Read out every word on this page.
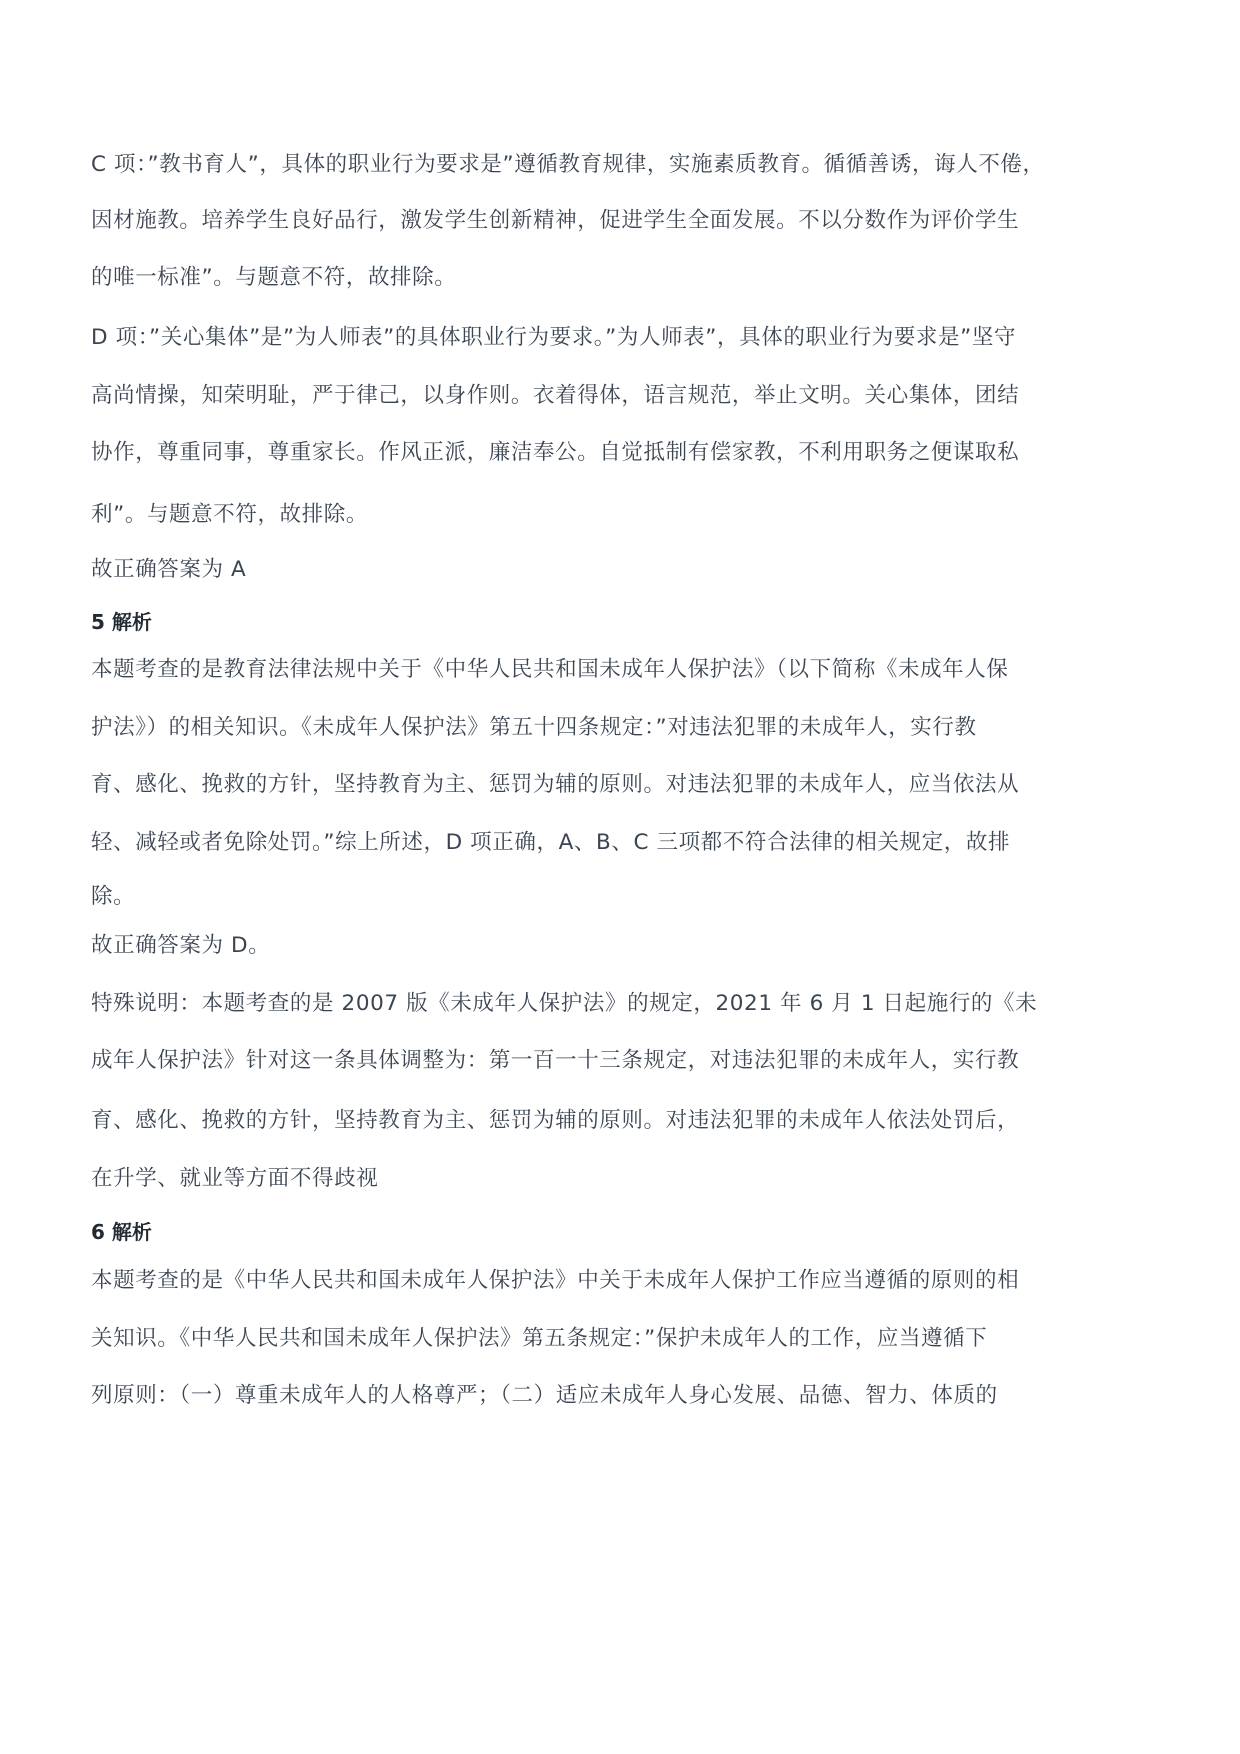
C 项：”教书育人”，具体的职业行为要求是”遵循教育规律，实施素质教育。循循善诱，诲人不倦，
因材施教。培养学生良好品行，激发学生创新精神，促进学生全面发展。不以分数作为评价学生
的唯一标准”。与题意不符，故排除。
D 项：”关心集体”是”为人师表”的具体职业行为要求。”为人师表”，具体的职业行为要求是”坚守
高尚情操，知荣明耻，严于律己，以身作则。衣着得体，语言规范，举止文明。关心集体，团结
协作，尊重同事，尊重家长。作风正派，廉洁奉公。自觉抵制有偿家教，不利用职务之便谋取私
利”。与题意不符，故排除。
故正确答案为 A
5 解析
本题考查的是教育法律法规中关于《中华人民共和国未成年人保护法》（以下简称《未成年人保
护法》）的相关知识。《未成年人保护法》第五十四条规定：”对违法犯罪的未成年人，实行教
育、感化、挽救的方针，坚持教育为主、惩罚为辅的原则。对违法犯罪的未成年人，应当依法从
轻、减轻或者免除处罚。”综上所述，D 项正确，A、B、C 三项都不符合法律的相关规定，故排
除。
故正确答案为 D。
特殊说明：本题考查的是 2007 版《未成年人保护法》的规定，2021 年 6 月 1 日起施行的《未
成年人保护法》针对这一条具体调整为：第一百一十三条规定，对违法犯罪的未成年人，实行教
育、感化、挽救的方针，坚持教育为主、惩罚为辅的原则。对违法犯罪的未成年人依法处罚后，
在升学、就业等方面不得歧视
6 解析
本题考查的是《中华人民共和国未成年人保护法》中关于未成年人保护工作应当遵循的原则的相
关知识。《中华人民共和国未成年人保护法》第五条规定：”保护未成年人的工作，应当遵循下
列原则：（一）尊重未成年人的人格尊严；（二）适应未成年人身心发展、品德、智力、体质的
